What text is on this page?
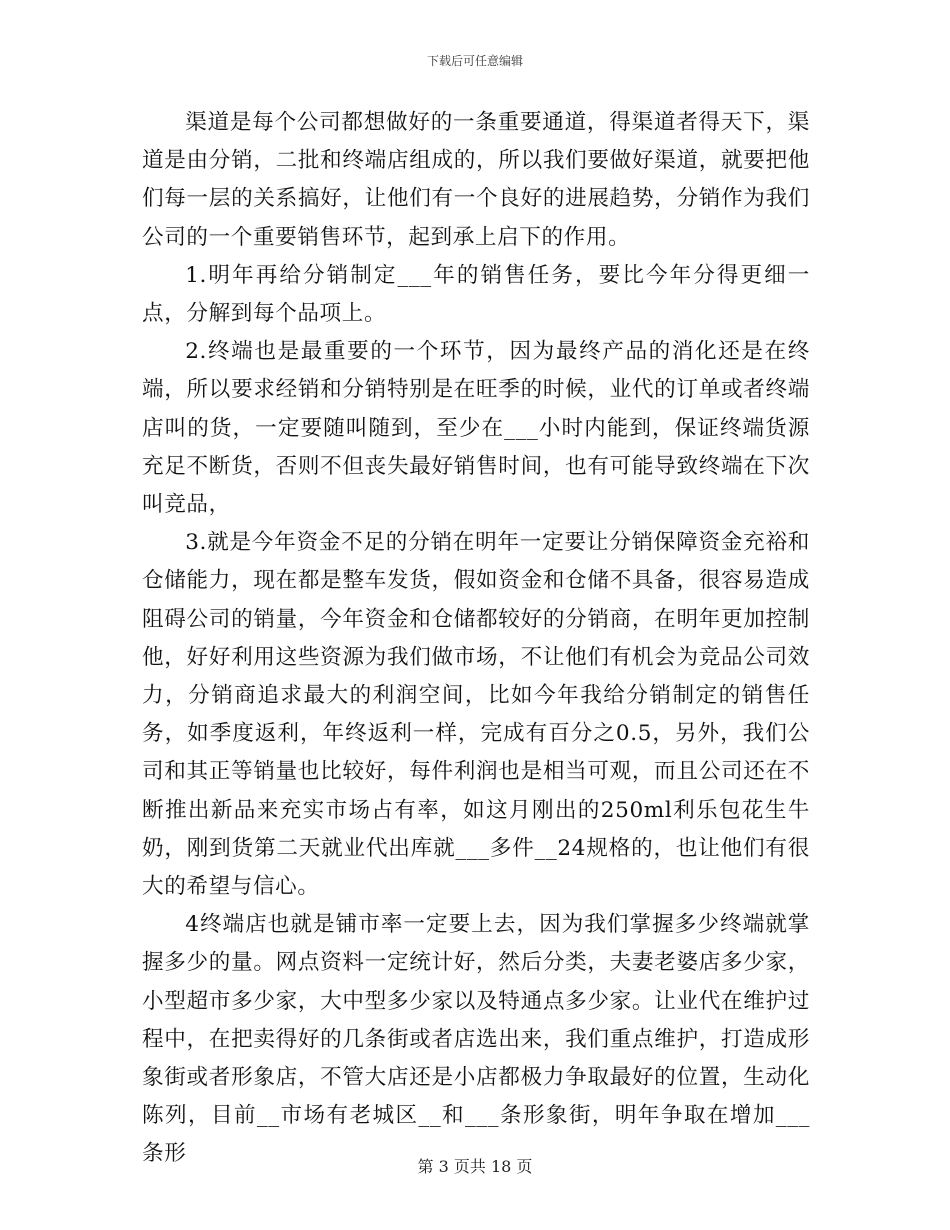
下载后可任意编辑

渠道是每个公司都想做好的一条重要通道，得渠道者得天下，渠道是由分销，二批和终端店组成的，所以我们要做好渠道，就要把他们每一层的关系搞好，让他们有一个良好的进展趋势，分销作为我们公司的一个重要销售环节，起到承上启下的作用。

1.明年再给分销制定___年的销售任务，要比今年分得更细一点，分解到每个品项上。

2.终端也是最重要的一个环节，因为最终产品的消化还是在终端，所以要求经销和分销特别是在旺季的时候，业代的订单或者终端店叫的货，一定要随叫随到，至少在___小时内能到，保证终端货源充足不断货，否则不但丧失最好销售时间，也有可能导致终端在下次叫竞品，

3.就是今年资金不足的分销在明年一定要让分销保障资金充裕和仓储能力，现在都是整车发货，假如资金和仓储不具备，很容易造成阻碍公司的销量，今年资金和仓储都较好的分销商，在明年更加控制他，好好利用这些资源为我们做市场，不让他们有机会为竞品公司效力，分销商追求最大的利润空间，比如今年我给分销制定的销售任务，如季度返利，年终返利一样，完成有百分之0.5，另外，我们公司和其正等销量也比较好，每件利润也是相当可观，而且公司还在不断推出新品来充实市场占有率，如这月刚出的250ml利乐包花生牛奶，刚到货第二天就业代出库就___多件__24规格的，也让他们有很大的希望与信心。

4终端店也就是铺市率一定要上去，因为我们掌握多少终端就掌握多少的量。网点资料一定统计好，然后分类，夫妻老婆店多少家，小型超市多少家，大中型多少家以及特通点多少家。让业代在维护过程中，在把卖得好的几条街或者店选出来，我们重点维护，打造成形象街或者形象店，不管大店还是小店都极力争取最好的位置，生动化陈列，目前__市场有老城区__和___条形象街，明年争取在增加___条形

第 3 页共 18 页
